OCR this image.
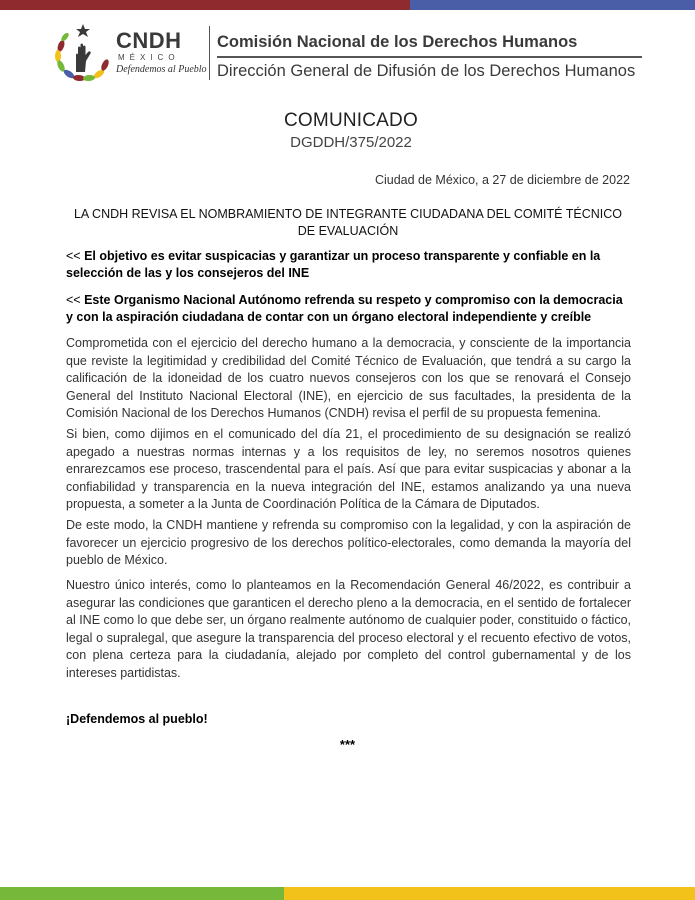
CNDH
MÉXICO
Defendemos al Pueblo
Comisión Nacional de los Derechos Humanos
Dirección General de Difusión de los Derechos Humanos
COMUNICADO
DGDDH/375/2022
Ciudad de México, a 27 de diciembre de 2022
LA CNDH REVISA EL NOMBRAMIENTO DE INTEGRANTE CIUDADANA DEL COMITÉ TÉCNICO DE EVALUACIÓN
<< El objetivo es evitar suspicacias y garantizar un proceso transparente y confiable en la selección de las y los consejeros del INE
<< Este Organismo Nacional Autónomo refrenda su respeto y compromiso con la democracia y con la aspiración ciudadana de contar con un órgano electoral independiente y creíble

Comprometida con el ejercicio del derecho humano a la democracia, y consciente de la importancia que reviste la legitimidad y credibilidad del Comité Técnico de Evaluación, que tendrá a su cargo la calificación de la idoneidad de los cuatro nuevos consejeros con los que se renovará el Consejo General del Instituto Nacional Electoral (INE), en ejercicio de sus facultades, la presidenta de la Comisión Nacional de los Derechos Humanos (CNDH) revisa el perfil de su propuesta femenina.

Si bien, como dijimos en el comunicado del día 21, el procedimiento de su designación se realizó apegado a nuestras normas internas y a los requisitos de ley, no seremos nosotros quienes enrarezcamos ese proceso, trascendental para el país. Así que para evitar suspicacias y abonar a la confiabilidad y transparencia en la nueva integración del INE, estamos analizando ya una nueva propuesta, a someter a la Junta de Coordinación Política de la Cámara de Diputados.

De este modo, la CNDH mantiene y refrenda su compromiso con la legalidad, y con la aspiración de favorecer un ejercicio progresivo de los derechos político-electorales, como demanda la mayoría del pueblo de México.

Nuestro único interés, como lo planteamos en la Recomendación General 46/2022, es contribuir a asegurar las condiciones que garanticen el derecho pleno a la democracia, en el sentido de fortalecer al INE como lo que debe ser, un órgano realmente autónomo de cualquier poder, constituido o fáctico, legal o supralegal, que asegure la transparencia del proceso electoral y el recuento efectivo de votos, con plena certeza para la ciudadanía, alejado por completo del control gubernamental y de los intereses partidistas.

¡Defendemos al pueblo!
***
